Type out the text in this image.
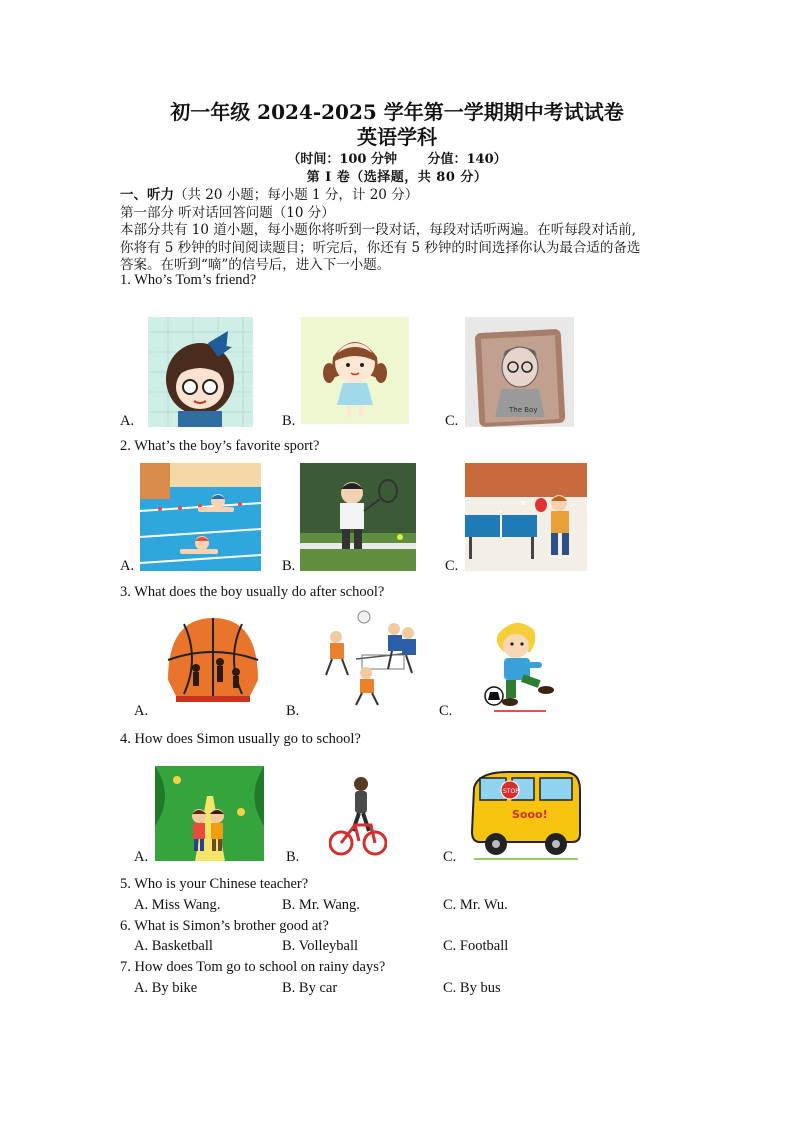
初一年级 2024-2025 学年第一学期期中考试试卷
英语学科
（时间：100 分钟　 　分值：140）
第 I 卷（选择题，共 80 分）
一、听力（共 20 小题；每小题 1 分，计 20 分）
第一部分 听对话回答问题（10 分）
本部分共有 10 道小题，每小题你将听到一段对话，每段对话听两遍。在听每段对话前,
你将有 5 秒钟的时间阅读题目；听完后，你还有 5 秒钟的时间选择你认为最合适的备选
答案。在听到“嘀”的信号后，进入下一小题。
1. Who’s Tom’s friend?
A.	B.
The Boy
C.
2. What’s the boy’s favorite sport?
A.	B.	C.
3. What does the boy usually do after school?
A.	B.	C.
4. How does Simon usually go to school?
A.	B.
STOP
Sooo!
C.
5. Who is your Chinese teacher?
A. Miss Wang.	B. Mr. Wang.	C. Mr. Wu.
6. What is Simon’s brother good at?
A. Basketball	B. Volleyball	C. Football
7. How does Tom go to school on rainy days?
A. By bike	B. By car	C. By bus
